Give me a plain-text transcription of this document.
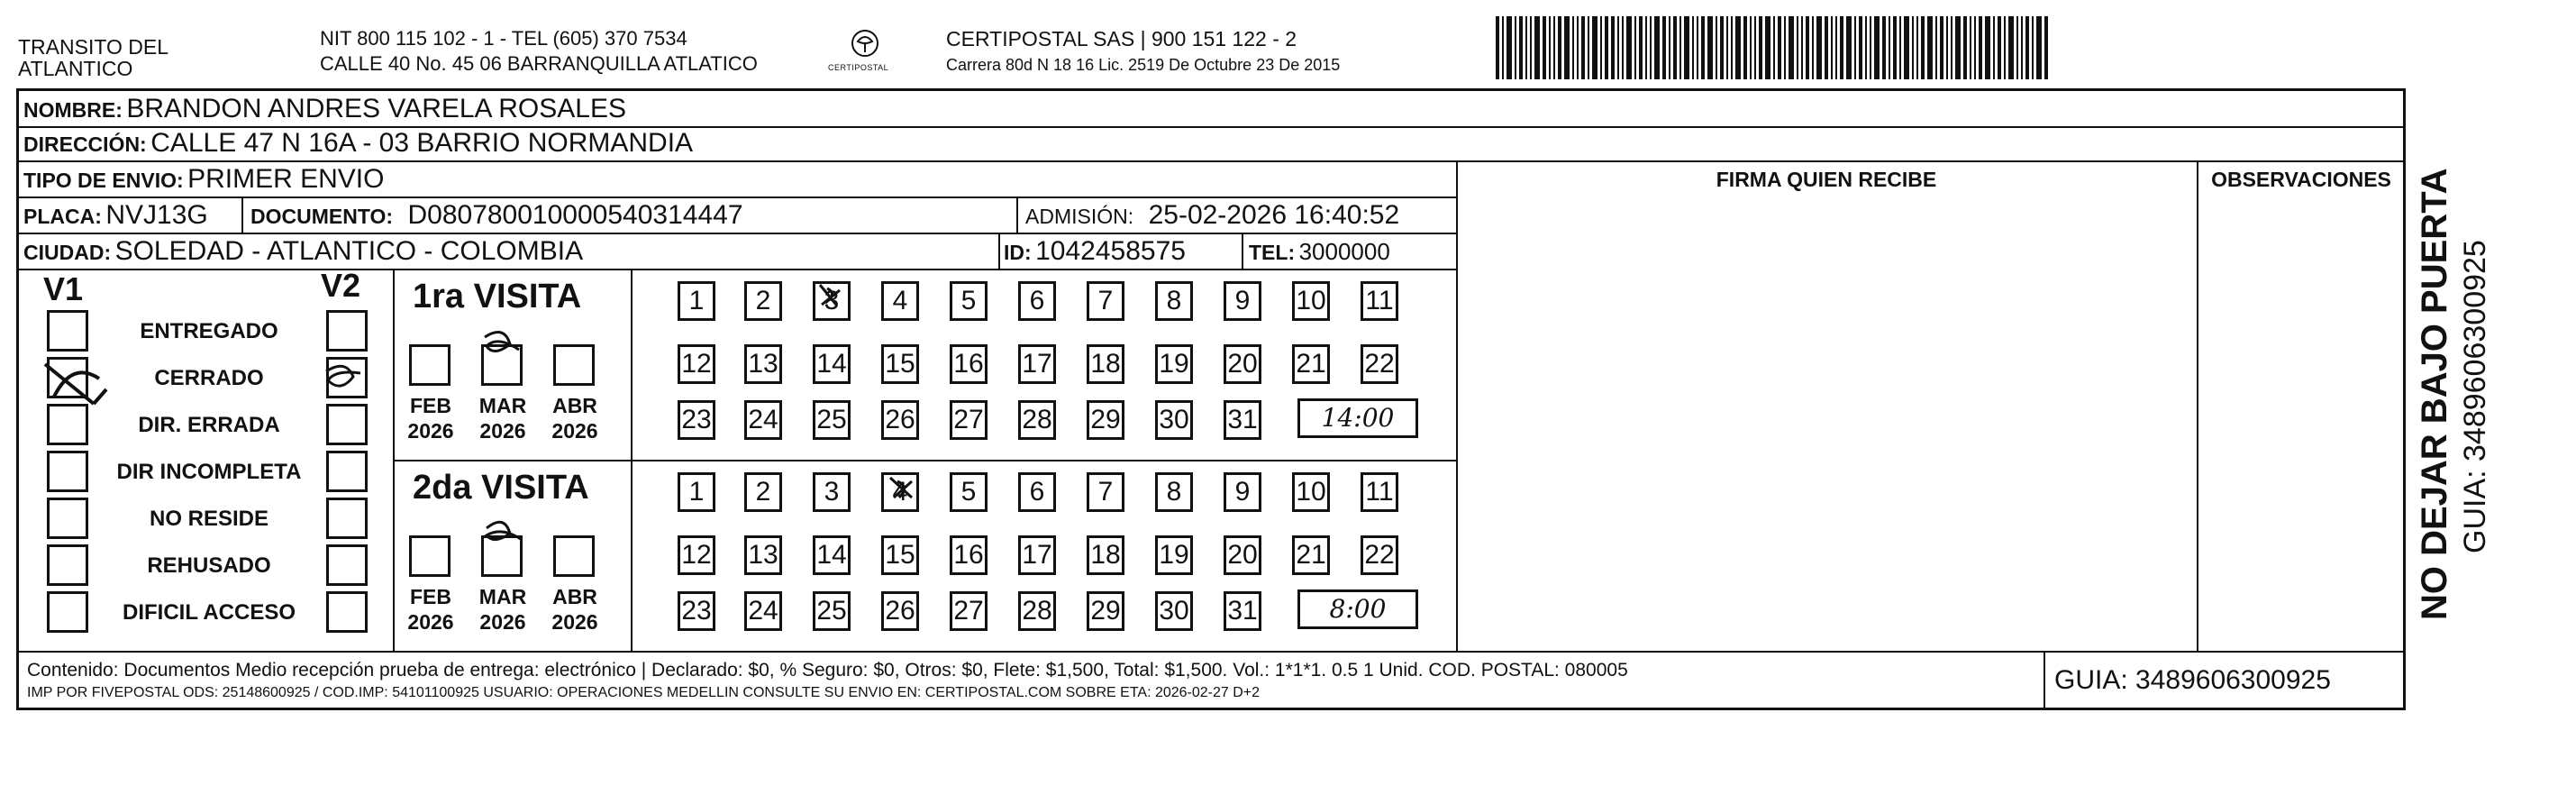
TRANSITO DEL
ATLANTICO
NIT 800 115 102 - 1 - TEL (605) 370 7534
CALLE 40 No. 45 06 BARRANQUILLA ATLATICO	CERTIPOSTAL
CERTIPOSTAL SAS | 900 151 122 - 2
Carrera 80d N 18 16 Lic. 2519 De Octubre 23 De 2015
NOMBRE: BRANDON ANDRES VARELA ROSALES
DIRECCIÓN: CALLE 47 N 16A - 03 BARRIO NORMANDIA
TIPO DE ENVIO: PRIMER ENVIO	FIRMA QUIEN RECIBE	OBSERVACIONES
PLACA: NVJ13G DOCUMENTO: D080780010000540314447	ADMISIÓN: 25-02-2026 16:40:52
CIUDAD: SOLEDAD - ATLANTICO - COLOMBIA	ID: 1042458575	TEL: 3000000
V1	V2
ENTREGADO
CERRADO
DIR. ERRADA
DIR INCOMPLETA
NO RESIDE
REHUSADO
DIFICIL ACCESO
1ra VISITA
2da VISITA
FEB
2026
MAR
2026
ABR
2026
FEB
2026
MAR
2026
ABR
2026
1	2	3	4	5	6	7	8	9	10 11
12 13 14 15 16 17 18 19 20 21 22
23 24 25 26 27 28 29 30 31	14:00
1	2	3	4	5	6	7	8	9	10 11
12 13 14 15 16 17 18 19 20 21 22
23 24 25 26 27 28 29 30 31	8:00
Contenido: Documentos Medio recepción prueba de entrega: electrónico | Declarado: $0, % Seguro: $0, Otros: $0, Flete: $1,500, Total: $1,500. Vol.: 1*1*1. 0.5 1 Unid. COD. POSTAL: 080005
IMP POR FIVEPOSTAL ODS: 25148600925 / COD.IMP: 54101100925 USUARIO: OPERACIONES MEDELLIN CONSULTE SU ENVIO EN: CERTIPOSTAL.COM SOBRE ETA: 2026-02-27 D+2	GUIA: 3489606300925
NO DEJAR BAJO PUERTA GUIA: 3489606300925
